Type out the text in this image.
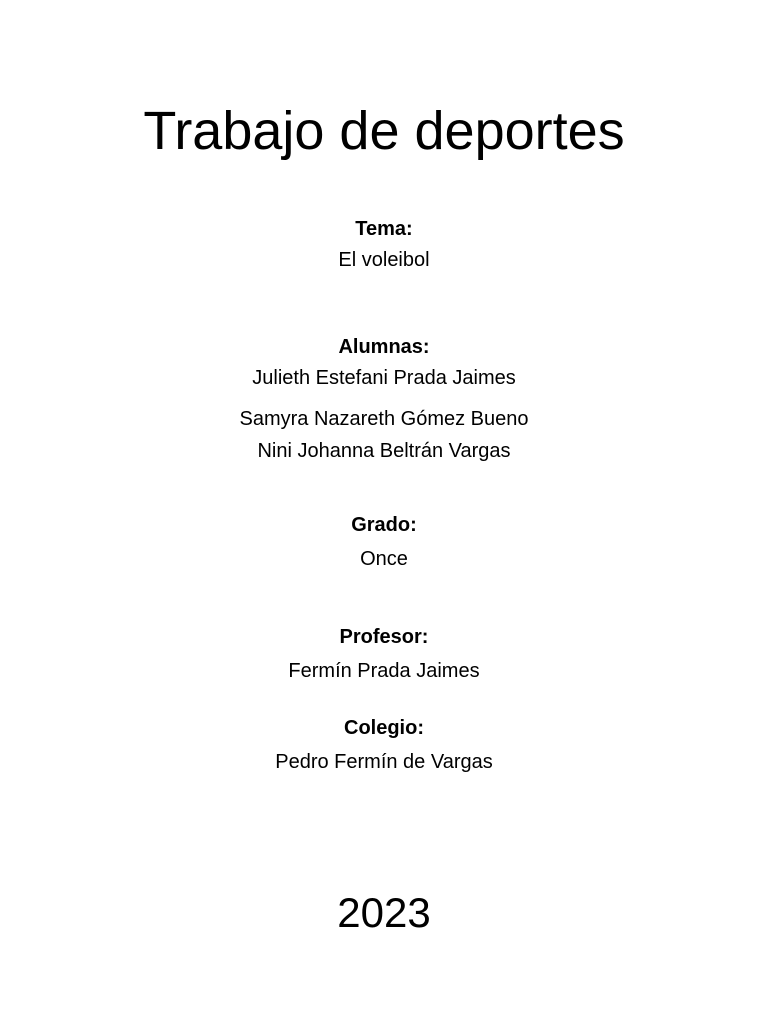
Trabajo de deportes
Tema:
El voleibol
Alumnas:
Julieth Estefani Prada Jaimes
Samyra Nazareth Gómez Bueno
Nini Johanna Beltrán Vargas
Grado:
Once
Profesor:
Fermín Prada Jaimes
Colegio:
Pedro Fermín de Vargas
2023
